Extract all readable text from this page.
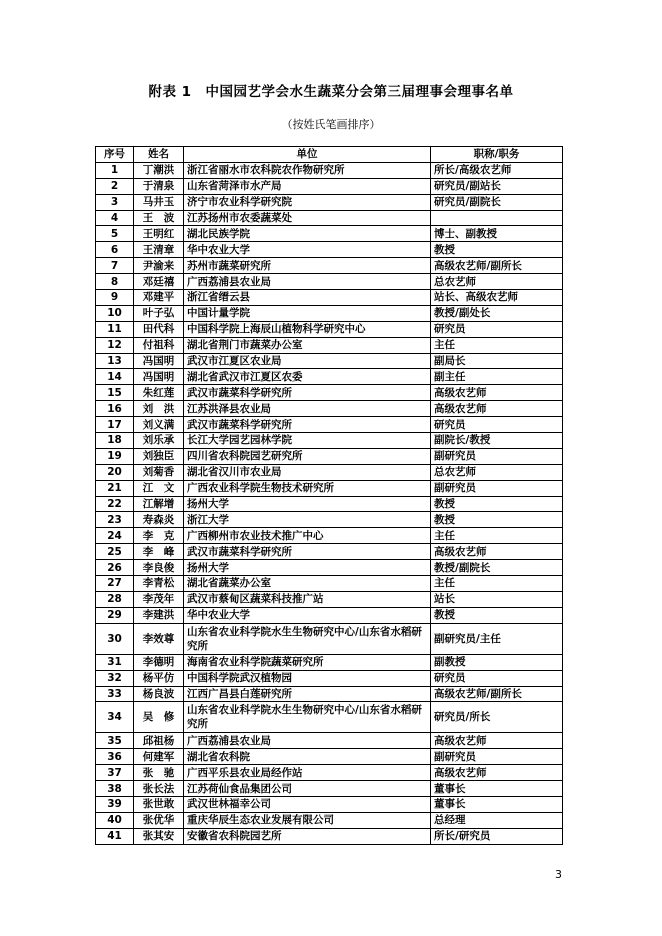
附表 1　中国园艺学会水生蔬菜分会第三届理事会理事名单
（按姓氏笔画排序）
序号	姓名	单位	职称/职务
1	丁潮洪	浙江省丽水市农科院农作物研究所	所长/高级农艺师
2	于清泉	山东省菏泽市水产局	研究员/副站长
3	马井玉	济宁市农业科学研究院	研究员/副院长
4	王　波	江苏扬州市农委蔬菜处	
5	王明红	湖北民族学院	博士、副教授
6	王清章	华中农业大学	教授
7	尹渝来	苏州市蔬菜研究所	高级农艺师/副所长
8	邓廷禧	广西荔浦县农业局	总农艺师
9	邓建平	浙江省缙云县	站长、高级农艺师
10	叶子弘	中国计量学院	教授/副处长
11	田代科	中国科学院上海辰山植物科学研究中心	研究员
12	付祖科	湖北省荆门市蔬菜办公室	主任
13	冯国明	武汉市江夏区农业局	副局长
14	冯国明	湖北省武汉市江夏区农委	副主任
15	朱红莲	武汉市蔬菜科学研究所	高级农艺师
16	刘　洪	江苏洪泽县农业局	高级农艺师
17	刘义满	武汉市蔬菜科学研究所	研究员
18	刘乐承	长江大学园艺园林学院	副院长/教授
19	刘独臣	四川省农科院园艺研究所	副研究员
20	刘菊香	湖北省汉川市农业局	总农艺师
21	江　文	广西农业科学院生物技术研究所	副研究员
22	江解增	扬州大学	教授
23	寿森炎	浙江大学	教授
24	李　克	广西柳州市农业技术推广中心	主任
25	李　峰	武汉市蔬菜科学研究所	高级农艺师
26	李良俊	扬州大学	教授/副院长
27	李青松	湖北省蔬菜办公室	主任
28	李茂年	武汉市蔡甸区蔬菜科技推广站	站长
29	李建洪	华中农业大学	教授
30	李效尊	山东省农业科学院水生生物研究中心/山东省水稻研究所	副研究员/主任
31	李德明	海南省农业科学院蔬菜研究所	副教授
32	杨平仿	中国科学院武汉植物园	研究员
33	杨良波	江西广昌县白莲研究所	高级农艺师/副所长
34	吴　修	山东省农业科学院水生生物研究中心/山东省水稻研究所	研究员/所长
35	邱祖杨	广西荔浦县农业局	高级农艺师
36	何建军	湖北省农科院	副研究员
37	张　驰	广西平乐县农业局经作站	高级农艺师
38	张长法	江苏荷仙食品集团公司	董事长
39	张世敢	武汉世林福幸公司	董事长
40	张优华	重庆华辰生态农业发展有限公司	总经理
41	张其安	安徽省农科院园艺所	所长/研究员
3
